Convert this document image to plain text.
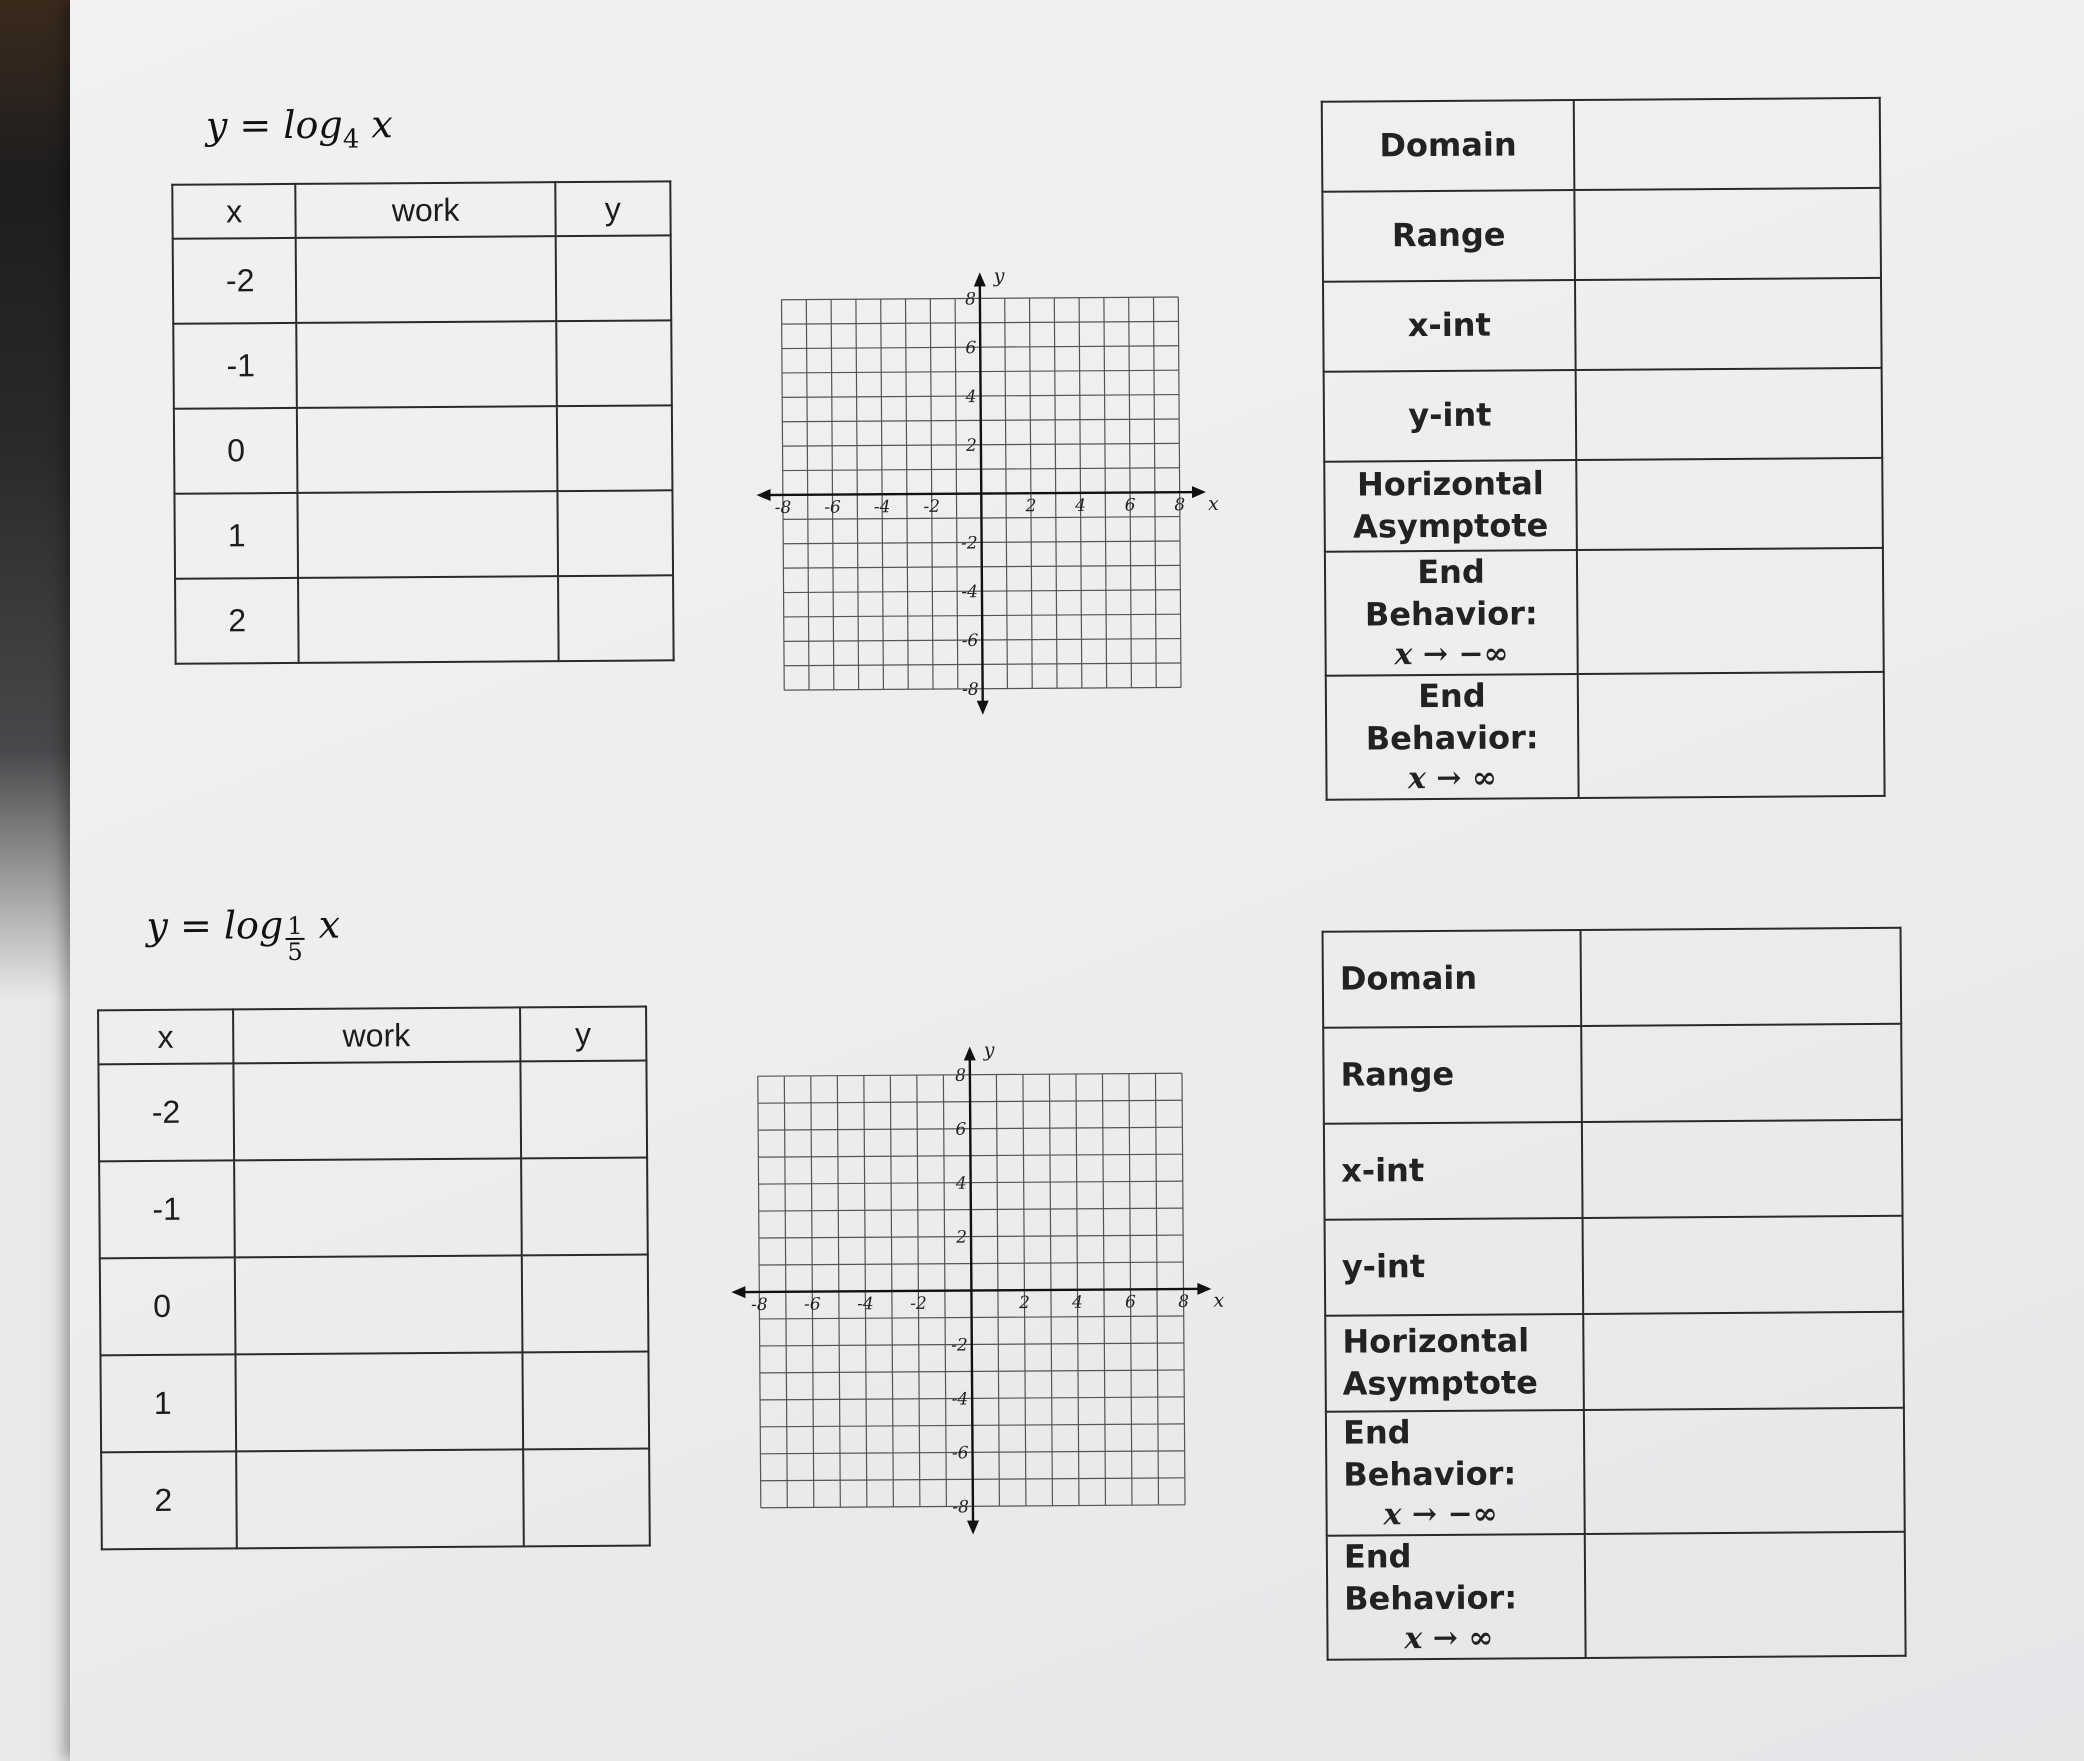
$y = \log_4 x$
x	work	y
-2		
-1		
0		
1		
2		
-8 -6 -4 -2	2 4 6 8
8
6
4
2
-2
-4
-6
-8
x
y
Domain	
Range	
x-int	
y-int	

Horizontal
Asymptote	

End Behavior:
x → −∞	

End Behavior:
x → ∞	

$y = \log \frac{1}{5}$ x
x	work	y
-2		
-1		
0		
1		
2		
-8 -6 -4 -2	2 4 6 8
8
6
4
2
-2
-4
-6
-8
x
y
Domain	
Range	
x-int	
y-int	

Horizontal
Asymptote	

End Behavior:
x → −∞	

End Behavior:
x → ∞	
